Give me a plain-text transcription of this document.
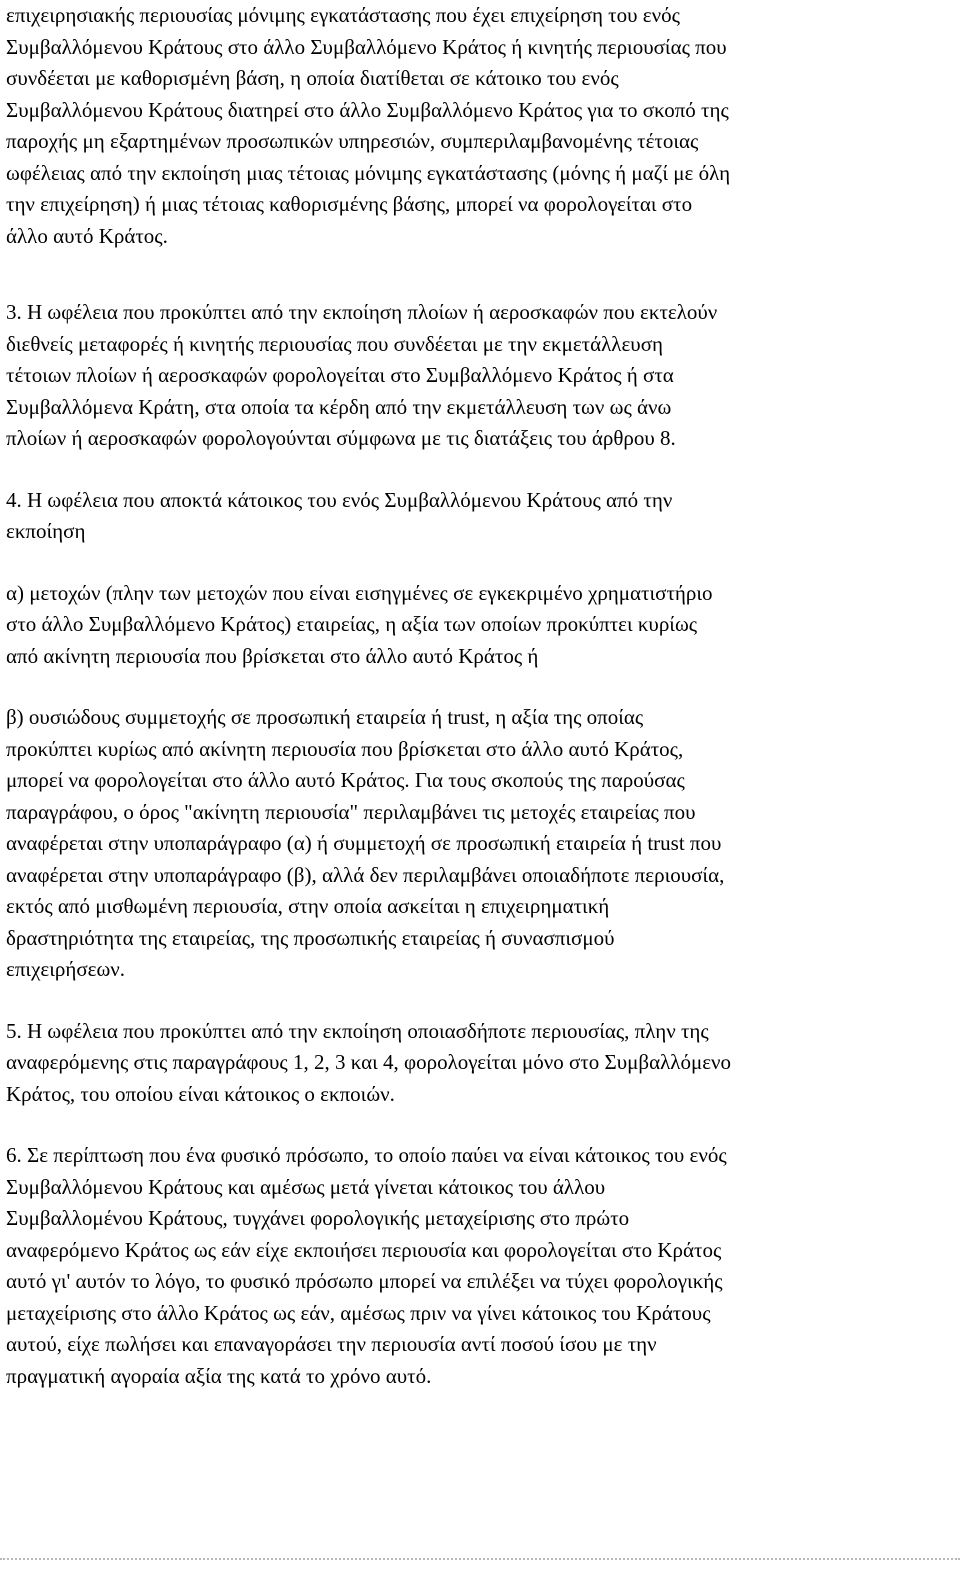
επιχειρησιακής περιουσίας μόνιμης εγκατάστασης που έχει επιχείρηση του ενός
Συμβαλλόμενου Κράτους στο άλλο Συμβαλλόμενο Κράτος ή κινητής περιουσίας που
συνδέεται με καθορισμένη βάση, η οποία διατίθεται σε κάτοικο του ενός
Συμβαλλόμενου Κράτους διατηρεί στο άλλο Συμβαλλόμενο Κράτος για το σκοπό της
παροχής μη εξαρτημένων προσωπικών υπηρεσιών, συμπεριλαμβανομένης τέτοιας
ωφέλειας από την εκποίηση μιας τέτοιας μόνιμης εγκατάστασης (μόνης ή μαζί με όλη
την επιχείρηση) ή μιας τέτοιας καθορισμένης βάσης, μπορεί να φορολογείται στο
άλλο αυτό Κράτος.

3. Η ωφέλεια που προκύπτει από την εκποίηση πλοίων ή αεροσκαφών που εκτελούν
διεθνείς μεταφορές ή κινητής περιουσίας που συνδέεται με την εκμετάλλευση
τέτοιων πλοίων ή αεροσκαφών φορολογείται στο Συμβαλλόμενο Κράτος ή στα
Συμβαλλόμενα Κράτη, στα οποία τα κέρδη από την εκμετάλλευση των ως άνω
πλοίων ή αεροσκαφών φορολογούνται σύμφωνα με τις διατάξεις του άρθρου 8.

4. Η ωφέλεια που αποκτά κάτοικος του ενός Συμβαλλόμενου Κράτους από την
εκποίηση

α) μετοχών (πλην των μετοχών που είναι εισηγμένες σε εγκεκριμένο χρηματιστήριο
στο άλλο Συμβαλλόμενο Κράτος) εταιρείας, η αξία των οποίων προκύπτει κυρίως
από ακίνητη περιουσία που βρίσκεται στο άλλο αυτό Κράτος ή

β) ουσιώδους συμμετοχής σε προσωπική εταιρεία ή trust, η αξία της οποίας
προκύπτει κυρίως από ακίνητη περιουσία που βρίσκεται στο άλλο αυτό Κράτος,
μπορεί να φορολογείται στο άλλο αυτό Κράτος. Για τους σκοπούς της παρούσας
παραγράφου, ο όρος "ακίνητη περιουσία" περιλαμβάνει τις μετοχές εταιρείας που
αναφέρεται στην υποπαράγραφο (α) ή συμμετοχή σε προσωπική εταιρεία ή trust που
αναφέρεται στην υποπαράγραφο (β), αλλά δεν περιλαμβάνει οποιαδήποτε περιουσία,
εκτός από μισθωμένη περιουσία, στην οποία ασκείται η επιχειρηματική
δραστηριότητα της εταιρείας, της προσωπικής εταιρείας ή συνασπισμού
επιχειρήσεων.

5. Η ωφέλεια που προκύπτει από την εκποίηση οποιασδήποτε περιουσίας, πλην της
αναφερόμενης στις παραγράφους 1, 2, 3 και 4, φορολογείται μόνο στο Συμβαλλόμενο
Κράτος, του οποίου είναι κάτοικος ο εκποιών.

6. Σε περίπτωση που ένα φυσικό πρόσωπο, το οποίο παύει να είναι κάτοικος του ενός
Συμβαλλόμενου Κράτους και αμέσως μετά γίνεται κάτοικος του άλλου
Συμβαλλομένου Κράτους, τυγχάνει φορολογικής μεταχείρισης στο πρώτο
αναφερόμενο Κράτος ως εάν είχε εκποιήσει περιουσία και φορολογείται στο Κράτος
αυτό γι' αυτόν το λόγο, το φυσικό πρόσωπο μπορεί να επιλέξει να τύχει φορολογικής
μεταχείρισης στο άλλο Κράτος ως εάν, αμέσως πριν να γίνει κάτοικος του Κράτους
αυτού, είχε πωλήσει και επαναγοράσει την περιουσία αντί ποσού ίσου με την
πραγματική αγοραία αξία της κατά το χρόνο αυτό.
